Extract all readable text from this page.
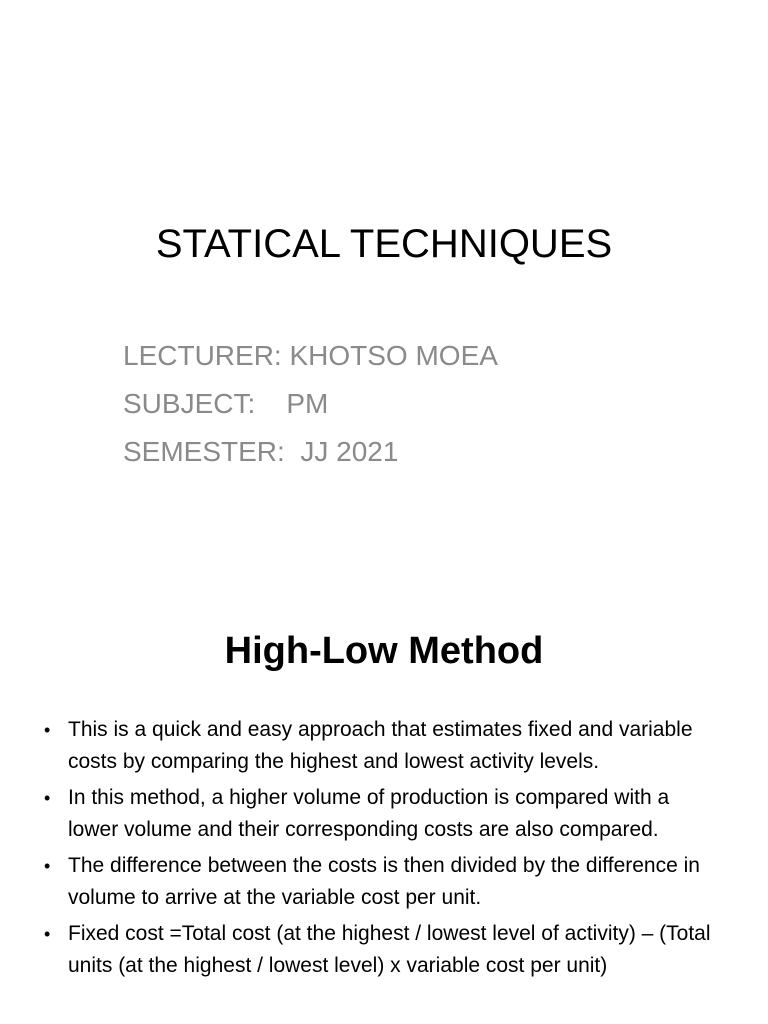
STATICAL TECHNIQUES
LECTURER: KHOTSO MOEA
SUBJECT:    PM
SEMESTER:  JJ 2021
High-Low Method
• This is a quick and easy approach that estimates fixed and variable costs by comparing the highest and lowest activity levels.
• In this method, a higher volume of production is compared with a lower volume and their corresponding costs are also compared.
• The difference between the costs is then divided by the difference in volume to arrive at the variable cost per unit.
• Fixed cost =Total cost (at the highest / lowest level of activity) – (Total units (at the highest / lowest level) x variable cost per unit)
